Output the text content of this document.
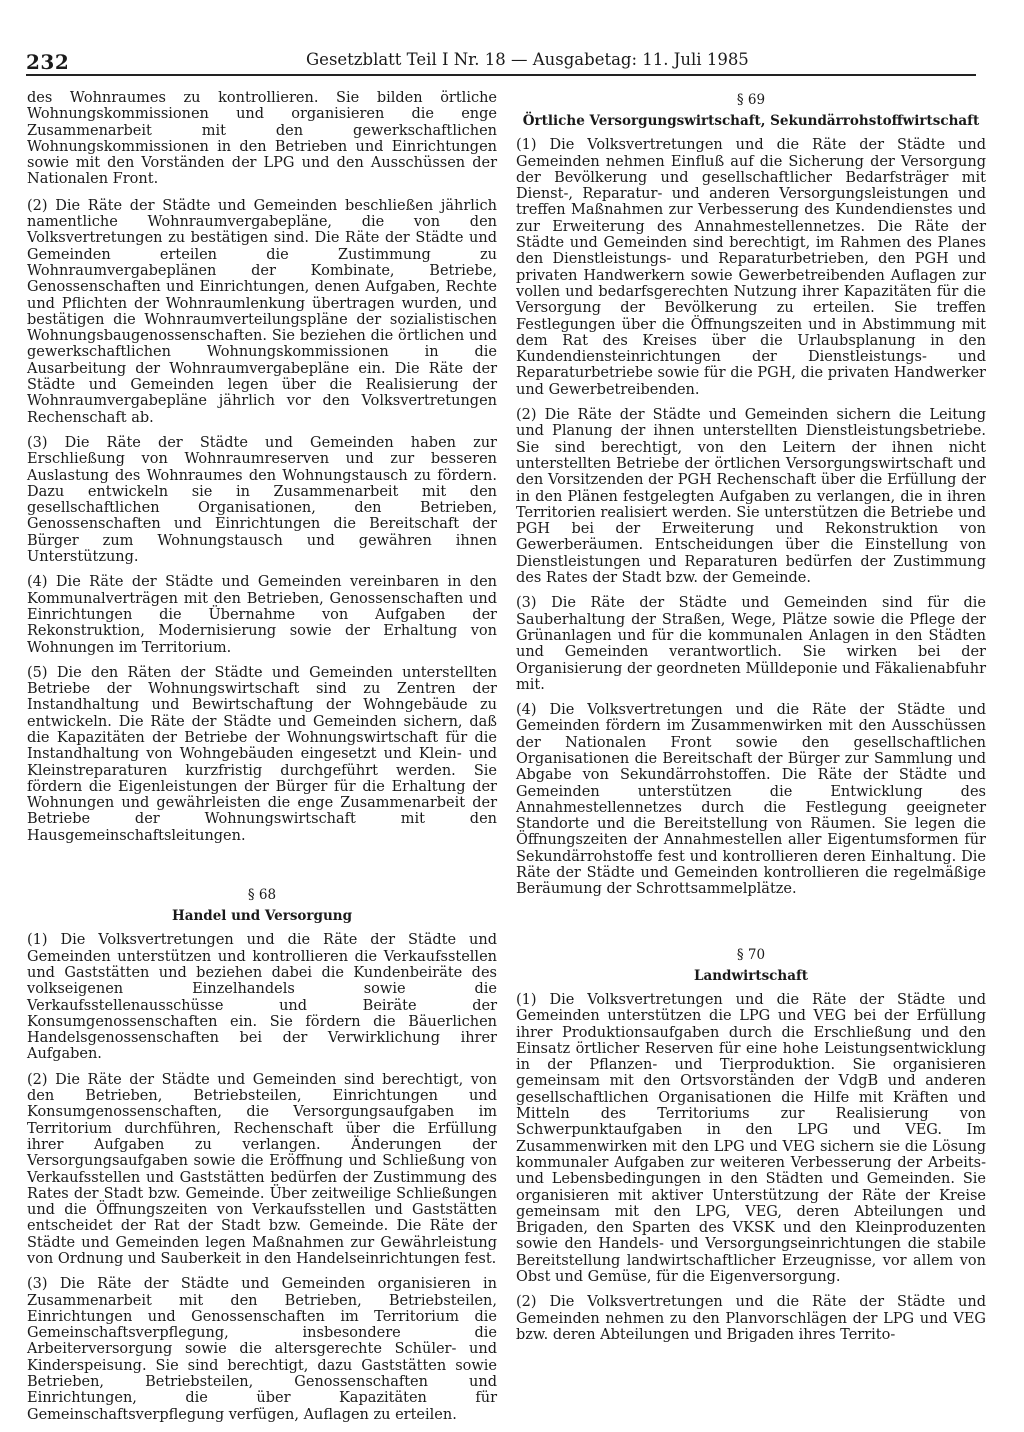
232	Gesetzblatt Teil I Nr. 18 — Ausgabetag: 11. Juli 1985

des Wohnraumes zu kontrollieren. Sie bilden örtliche Wohnungskommissionen und organisieren die enge Zusammenarbeit mit den gewerkschaftlichen Wohnungskommissionen in den Betrieben und Einrichtungen sowie mit den Vorständen der LPG und den Ausschüssen der Nationalen Front.

(2) Die Räte der Städte und Gemeinden beschließen jährlich namentliche Wohnraumvergabepläne, die von den Volksvertretungen zu bestätigen sind. Die Räte der Städte und Gemeinden erteilen die Zustimmung zu Wohnraumvergabeplänen der Kombinate, Betriebe, Genossenschaften und Einrichtungen, denen Aufgaben, Rechte und Pflichten der Wohnraumlenkung übertragen wurden, und bestätigen die Wohnraumverteilungspläne der sozialistischen Wohnungsbaugenossenschaften. Sie beziehen die örtlichen und gewerkschaftlichen Wohnungskommissionen in die Ausarbeitung der Wohnraumvergabepläne ein. Die Räte der Städte und Gemeinden legen über die Realisierung der Wohnraumvergabepläne jährlich vor den Volksvertretungen Rechenschaft ab.

(3) Die Räte der Städte und Gemeinden haben zur Erschließung von Wohnraumreserven und zur besseren Auslastung des Wohnraumes den Wohnungstausch zu fördern. Dazu entwickeln sie in Zusammenarbeit mit den gesellschaftlichen Organisationen, den Betrieben, Genossenschaften und Einrichtungen die Bereitschaft der Bürger zum Wohnungstausch und gewähren ihnen Unterstützung.

(4) Die Räte der Städte und Gemeinden vereinbaren in den Kommunalverträgen mit den Betrieben, Genossenschaften und Einrichtungen die Übernahme von Aufgaben der Rekonstruktion, Modernisierung sowie der Erhaltung von Wohnungen im Territorium.

(5) Die den Räten der Städte und Gemeinden unterstellten Betriebe der Wohnungswirtschaft sind zu Zentren der Instandhaltung und Bewirtschaftung der Wohngebäude zu entwickeln. Die Räte der Städte und Gemeinden sichern, daß die Kapazitäten der Betriebe der Wohnungswirtschaft für die Instandhaltung von Wohngebäuden eingesetzt und Klein- und Kleinstreparaturen kurzfristig durchgeführt werden. Sie fördern die Eigenleistungen der Bürger für die Erhaltung der Wohnungen und gewährleisten die enge Zusammenarbeit der Betriebe der Wohnungswirtschaft mit den Hausgemeinschaftsleitungen.

§ 68
Handel und Versorgung

(1) Die Volksvertretungen und die Räte der Städte und Gemeinden unterstützen und kontrollieren die Verkaufsstellen und Gaststätten und beziehen dabei die Kundenbeiräte des volkseigenen Einzelhandels sowie die Verkaufsstellenausschüsse und Beiräte der Konsumgenossenschaften ein. Sie fördern die Bäuerlichen Handelsgenossenschaften bei der Verwirklichung ihrer Aufgaben.

(2) Die Räte der Städte und Gemeinden sind berechtigt, von den Betrieben, Betriebsteilen, Einrichtungen und Konsumgenossenschaften, die Versorgungsaufgaben im Territorium durchführen, Rechenschaft über die Erfüllung ihrer Aufgaben zu verlangen. Änderungen der Versorgungsaufgaben sowie die Eröffnung und Schließung von Verkaufsstellen und Gaststätten bedürfen der Zustimmung des Rates der Stadt bzw. Gemeinde. Über zeitweilige Schließungen und die Öffnungszeiten von Verkaufsstellen und Gaststätten entscheidet der Rat der Stadt bzw. Gemeinde. Die Räte der Städte und Gemeinden legen Maßnahmen zur Gewährleistung von Ordnung und Sauberkeit in den Handelseinrichtungen fest.

(3) Die Räte der Städte und Gemeinden organisieren in Zusammenarbeit mit den Betrieben, Betriebsteilen, Einrichtungen und Genossenschaften im Territorium die Gemeinschaftsverpflegung, insbesondere die Arbeiterversorgung sowie die altersgerechte Schüler- und Kinderspeisung. Sie sind berechtigt, dazu Gaststätten sowie Betrieben, Betriebsteilen, Genossenschaften und Einrichtungen, die über Kapazitäten für Gemeinschaftsverpflegung verfügen, Auflagen zu erteilen.

§ 69
Örtliche Versorgungswirtschaft, Sekundärrohstoffwirtschaft

(1) Die Volksvertretungen und die Räte der Städte und Gemeinden nehmen Einfluß auf die Sicherung der Versorgung der Bevölkerung und gesellschaftlicher Bedarfsträger mit Dienst-, Reparatur- und anderen Versorgungsleistungen und treffen Maßnahmen zur Verbesserung des Kundendienstes und zur Erweiterung des Annahmestellennetzes. Die Räte der Städte und Gemeinden sind berechtigt, im Rahmen des Planes den Dienstleistungs- und Reparaturbetrieben, den PGH und privaten Handwerkern sowie Gewerbetreibenden Auflagen zur vollen und bedarfsgerechten Nutzung ihrer Kapazitäten für die Versorgung der Bevölkerung zu erteilen. Sie treffen Festlegungen über die Öffnungszeiten und in Abstimmung mit dem Rat des Kreises über die Urlaubsplanung in den Kundendiensteinrichtungen der Dienstleistungs- und Reparaturbetriebe sowie für die PGH, die privaten Handwerker und Gewerbetreibenden.

(2) Die Räte der Städte und Gemeinden sichern die Leitung und Planung der ihnen unterstellten Dienstleistungsbetriebe. Sie sind berechtigt, von den Leitern der ihnen nicht unterstellten Betriebe der örtlichen Versorgungswirtschaft und den Vorsitzenden der PGH Rechenschaft über die Erfüllung der in den Plänen festgelegten Aufgaben zu verlangen, die in ihren Territorien realisiert werden. Sie unterstützen die Betriebe und PGH bei der Erweiterung und Rekonstruktion von Gewerberäumen. Entscheidungen über die Einstellung von Dienstleistungen und Reparaturen bedürfen der Zustimmung des Rates der Stadt bzw. der Gemeinde.

(3) Die Räte der Städte und Gemeinden sind für die Sauberhaltung der Straßen, Wege, Plätze sowie die Pflege der Grünanlagen und für die kommunalen Anlagen in den Städten und Gemeinden verantwortlich. Sie wirken bei der Organisierung der geordneten Mülldeponie und Fäkalienabfuhr mit.

(4) Die Volksvertretungen und die Räte der Städte und Gemeinden fördern im Zusammenwirken mit den Ausschüssen der Nationalen Front sowie den gesellschaftlichen Organisationen die Bereitschaft der Bürger zur Sammlung und Abgabe von Sekundärrohstoffen. Die Räte der Städte und Gemeinden unterstützen die Entwicklung des Annahmestellennetzes durch die Festlegung geeigneter Standorte und die Bereitstellung von Räumen. Sie legen die Öffnungszeiten der Annahmestellen aller Eigentumsformen für Sekundärrohstoffe fest und kontrollieren deren Einhaltung. Die Räte der Städte und Gemeinden kontrollieren die regelmäßige Beräumung der Schrottsammelplätze.

§ 70
Landwirtschaft

(1) Die Volksvertretungen und die Räte der Städte und Gemeinden unterstützen die LPG und VEG bei der Erfüllung ihrer Produktionsaufgaben durch die Erschließung und den Einsatz örtlicher Reserven für eine hohe Leistungsentwicklung in der Pflanzen- und Tierproduktion. Sie organisieren gemeinsam mit den Ortsvorständen der VdgB und anderen gesellschaftlichen Organisationen die Hilfe mit Kräften und Mitteln des Territoriums zur Realisierung von Schwerpunktaufgaben in den LPG und VEG. Im Zusammenwirken mit den LPG und VEG sichern sie die Lösung kommunaler Aufgaben zur weiteren Verbesserung der Arbeits- und Lebensbedingungen in den Städten und Gemeinden. Sie organisieren mit aktiver Unterstützung der Räte der Kreise gemeinsam mit den LPG, VEG, deren Abteilungen und Brigaden, den Sparten des VKSK und den Kleinproduzenten sowie den Handels- und Versorgungseinrichtungen die stabile Bereitstellung landwirtschaftlicher Erzeugnisse, vor allem von Obst und Gemüse, für die Eigenversorgung.

(2) Die Volksvertretungen und die Räte der Städte und Gemeinden nehmen zu den Planvorschlägen der LPG und VEG bzw. deren Abteilungen und Brigaden ihres Territo-
